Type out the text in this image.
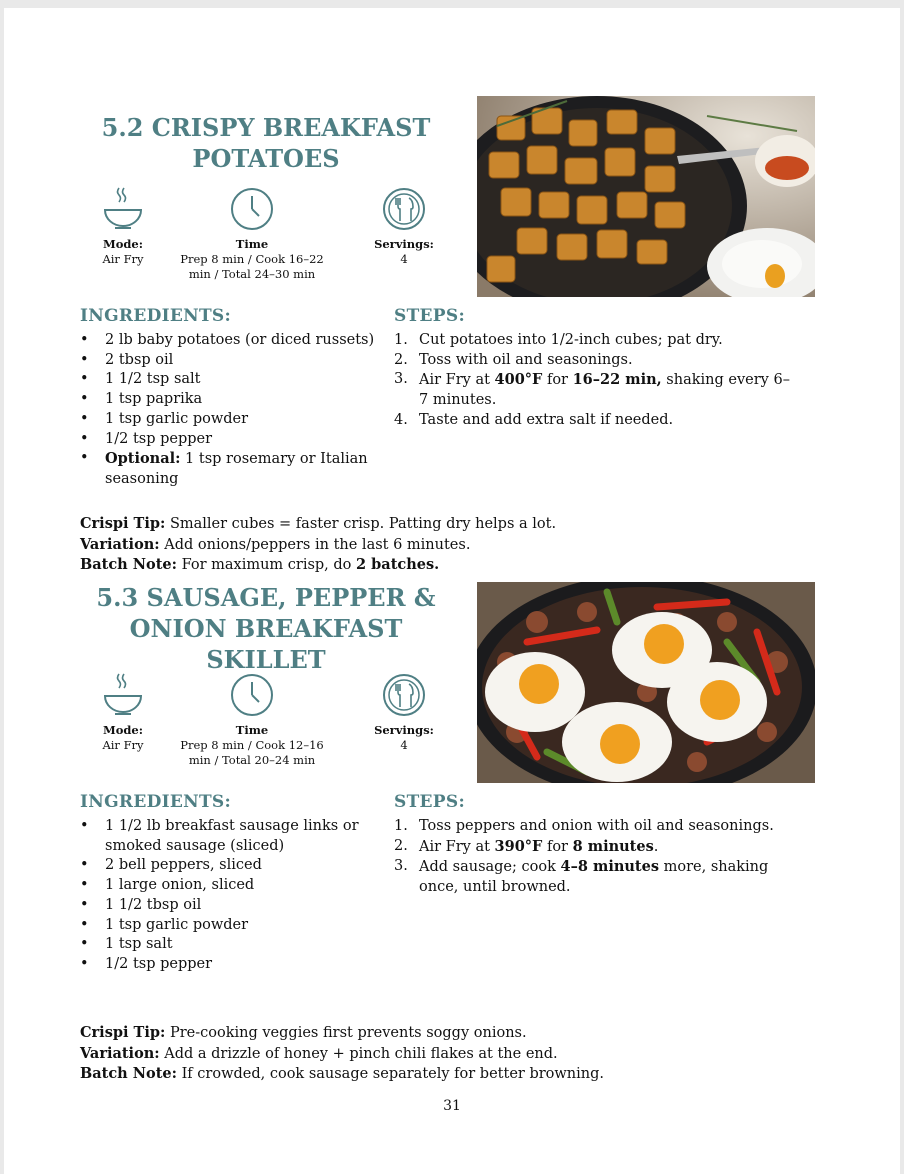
5.2 CRISPY BREAKFAST POTATOES
Mode:
Air Fry
Time
Prep 8 min / Cook 16–22 min / Total 24–30 min
Servings:
4
INGREDIENTS:
• 2 lb baby potatoes (or diced russets)
• 2 tbsp oil
• 1 1/2 tsp salt
• 1 tsp paprika
• 1 tsp garlic powder
• 1/2 tsp pepper
• Optional: 1 tsp rosemary or Italian seasoning
STEPS:
1. Cut potatoes into 1/2-inch cubes; pat dry.
2. Toss with oil and seasonings.
3. Air Fry at 400°F for 16–22 min, shaking every 6–7 minutes.
4. Taste and add extra salt if needed.
Crispi Tip: Smaller cubes = faster crisp. Patting dry helps a lot.
Variation: Add onions/peppers in the last 6 minutes.
Batch Note: For maximum crisp, do 2 batches.
5.3 SAUSAGE, PEPPER & ONION BREAKFAST SKILLET
Mode:
Air Fry
Time
Prep 8 min / Cook 12–16 min / Total 20–24 min
Servings:
4
INGREDIENTS:
• 1 1/2 lb breakfast sausage links or smoked sausage (sliced)
• 2 bell peppers, sliced
• 1 large onion, sliced
• 1 1/2 tbsp oil
• 1 tsp garlic powder
• 1 tsp salt
• 1/2 tsp pepper
STEPS:
1. Toss peppers and onion with oil and seasonings.
2. Air Fry at 390°F for 8 minutes.
3. Add sausage; cook 4–8 minutes more, shaking once, until browned.
Crispi Tip: Pre-cooking veggies first prevents soggy onions.
Variation: Add a drizzle of honey + pinch chili flakes at the end.
Batch Note: If crowded, cook sausage separately for better browning.
31
